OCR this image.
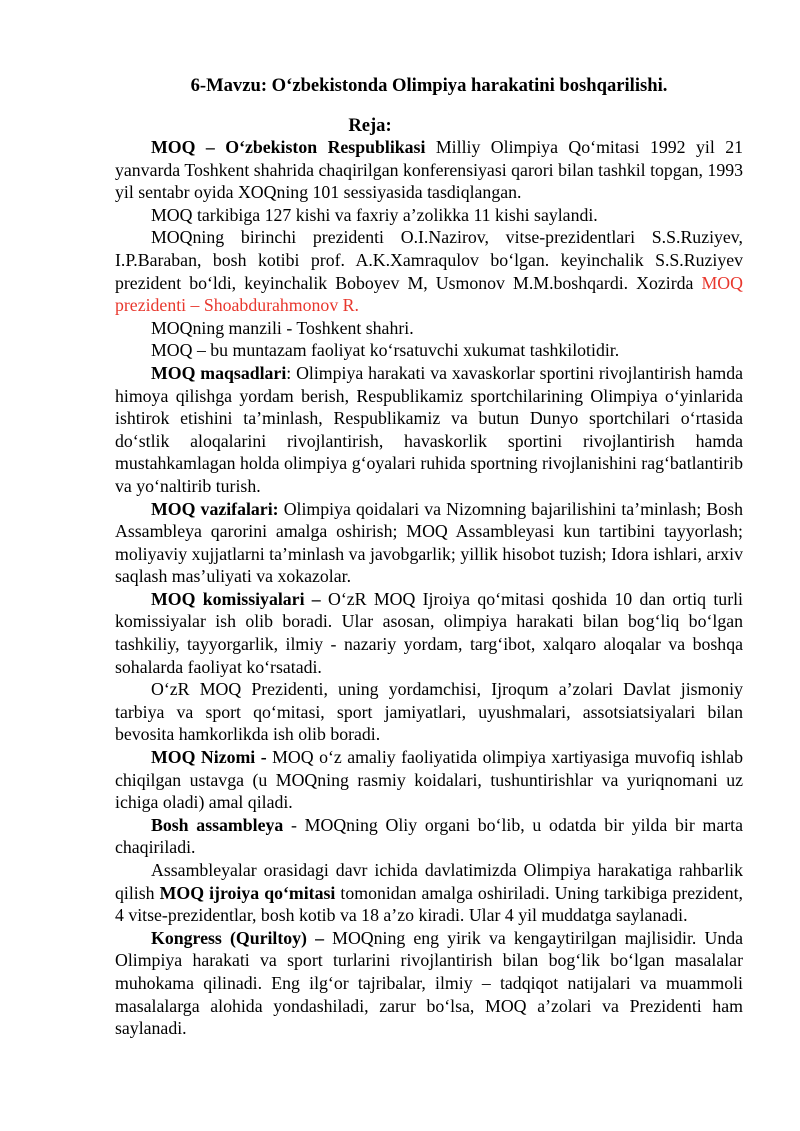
6-Mavzu: O‘zbekistonda Olimpiya harakatini boshqarilishi.
Reja:

MOQ – O‘zbekiston Respublikasi Milliy Olimpiya Qo‘mitasi 1992 yil 21 yanvarda Toshkent shahrida chaqirilgan konferensiyasi qarori bilan tashkil topgan, 1993 yil sentabr oyida XOQning 101 sessiyasida tasdiqlangan.

MOQ tarkibiga 127 kishi va faxriy a’zolikka 11 kishi saylandi.

MOQning birinchi prezidenti O.I.Nazirov, vitse-prezidentlari S.S.Ruziyev, I.P.Baraban, bosh kotibi prof. A.K.Xamraqulov bo‘lgan. keyinchalik S.S.Ruziyev prezident bo‘ldi, keyinchalik Boboyev M, Usmonov M.M.boshqardi. Xozirda MOQ prezidenti – Shoabdurahmonov R.

MOQning manzili - Toshkent shahri.

MOQ – bu muntazam faoliyat ko‘rsatuvchi xukumat tashkilotidir.

MOQ maqsadlari: Olimpiya harakati va xavaskorlar sportini rivojlantirish hamda himoya qilishga yordam berish, Respublikamiz sportchilarining Olimpiya o‘yinlarida ishtirok etishini ta’minlash, Respublikamiz va butun Dunyo sportchilari o‘rtasida do‘stlik aloqalarini rivojlantirish, havaskorlik sportini rivojlantirish hamda mustahkamlagan holda olimpiya g‘oyalari ruhida sportning rivojlanishini rag‘batlantirib va yo‘naltirib turish.

MOQ vazifalari: Olimpiya qoidalari va Nizomning bajarilishini ta’minlash; Bosh Assambleya qarorini amalga oshirish; MOQ Assambleyasi kun tartibini tayyorlash; moliyaviy xujjatlarni ta’minlash va javobgarlik; yillik hisobot tuzish; Idora ishlari, arxiv saqlash mas’uliyati va xokazolar.

MOQ komissiyalari – O‘zR MOQ Ijroiya qo‘mitasi qoshida 10 dan ortiq turli komissiyalar ish olib boradi. Ular asosan, olimpiya harakati bilan bog‘liq bo‘lgan tashkiliy, tayyorgarlik, ilmiy - nazariy yordam, targ‘ibot, xalqaro aloqalar va boshqa sohalarda faoliyat ko‘rsatadi.

O‘zR MOQ Prezidenti, uning yordamchisi, Ijroqum a’zolari Davlat jismoniy tarbiya va sport qo‘mitasi, sport jamiyatlari, uyushmalari, assotsiatsiyalari bilan bevosita hamkorlikda ish olib boradi.

MOQ Nizomi - MOQ o‘z amaliy faoliyatida olimpiya xartiyasiga muvofiq ishlab chiqilgan ustavga (u MOQning rasmiy koidalari, tushuntirishlar va yuriqnomani uz ichiga oladi) amal qiladi.

Bosh assambleya - MOQning Oliy organi bo‘lib, u odatda bir yilda bir marta chaqiriladi.

Assambleyalar orasidagi davr ichida davlatimizda Olimpiya harakatiga rahbarlik qilish MOQ ijroiya qo‘mitasi tomonidan amalga oshiriladi. Uning tarkibiga prezident, 4 vitse-prezidentlar, bosh kotib va 18 a’zo kiradi. Ular 4 yil muddatga saylanadi.

Kongress (Quriltoy) – MOQning eng yirik va kengaytirilgan majlisidir. Unda Olimpiya harakati va sport turlarini rivojlantirish bilan bog‘lik bo‘lgan masalalar muhokama qilinadi. Eng ilg‘or tajribalar, ilmiy – tadqiqot natijalari va muammoli masalalarga alohida yondashiladi, zarur bo‘lsa, MOQ a’zolari va Prezidenti ham saylanadi.
